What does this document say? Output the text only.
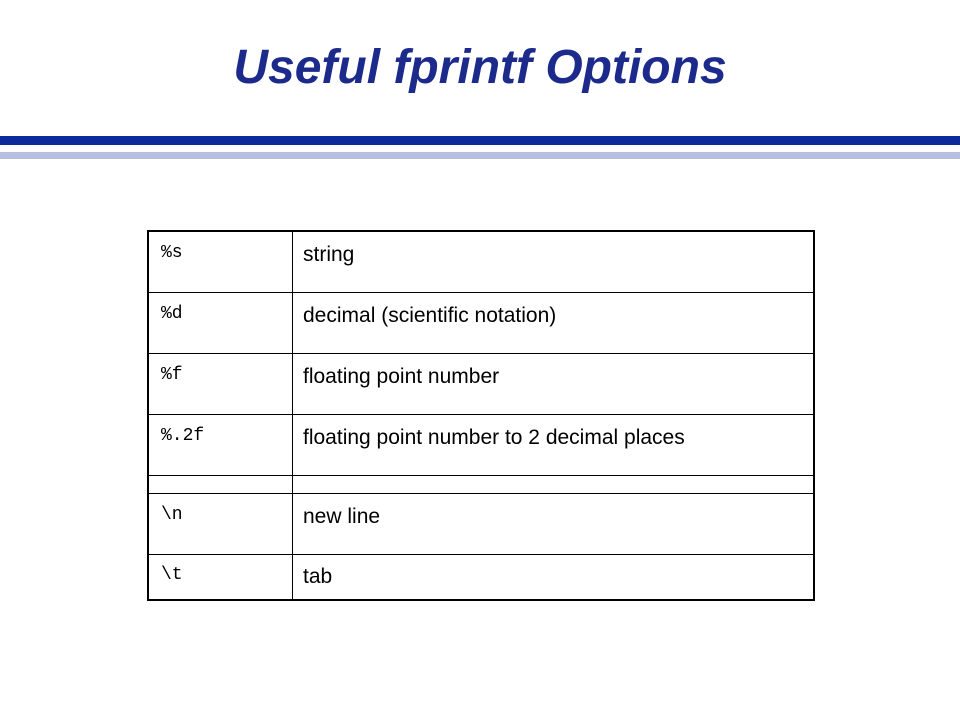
Useful fprintf Options
%s	string
%d	decimal (scientific notation)
%f	floating point number
%.2f	floating point number to 2 decimal places

\n	new line
\t	tab
